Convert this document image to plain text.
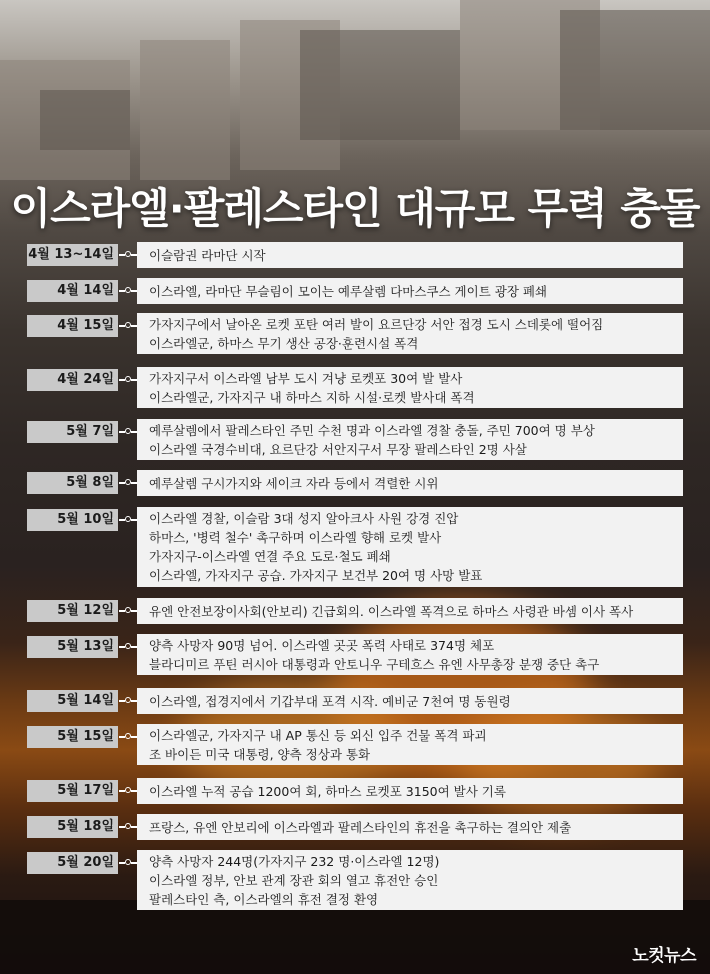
이스라엘·팔레스타인 대규모 무력 충돌
4월 13~14일	이슬람권 라마단 시작
4월 14일	이스라엘, 라마단 무슬림이 모이는 예루살렘 다마스쿠스 게이트 광장 폐쇄
4월 15일	가자지구에서 날아온 로켓 포탄 여러 발이 요르단강 서안 접경 도시 스데롯에 떨어짐
이스라엘군, 하마스 무기 생산 공장·훈련시설 폭격
4월 24일	가자지구서 이스라엘 남부 도시 겨냥 로켓포 30여 발 발사
이스라엘군, 가자지구 내 하마스 지하 시설·로켓 발사대 폭격
5월 7일	예루살렘에서 팔레스타인 주민 수천 명과 이스라엘 경찰 충돌, 주민 700여 명 부상
이스라엘 국경수비대, 요르단강 서안지구서 무장 팔레스타인 2명 사살
5월 8일	예루살렘 구시가지와 세이크 자라 등에서 격렬한 시위
5월 10일	이스라엘 경찰, 이슬람 3대 성지 알아크사 사원 강경 진압
하마스, '병력 철수' 촉구하며 이스라엘 향해 로켓 발사
가자지구-이스라엘 연결 주요 도로·철도 폐쇄
이스라엘, 가자지구 공습. 가자지구 보건부 20여 명 사망 발표
5월 12일	유엔 안전보장이사회(안보리) 긴급회의. 이스라엘 폭격으로 하마스 사령관 바셈 이사 폭사
5월 13일	양측 사망자 90명 넘어. 이스라엘 곳곳 폭력 사태로 374명 체포
블라디미르 푸틴 러시아 대통령과 안토니우 구테흐스 유엔 사무총장 분쟁 중단 촉구
5월 14일	이스라엘, 접경지에서 기갑부대 포격 시작. 예비군 7천여 명 동원령
5월 15일	이스라엘군, 가자지구 내 AP 통신 등 외신 입주 건물 폭격 파괴
조 바이든 미국 대통령, 양측 정상과 통화
5월 17일	이스라엘 누적 공습 1200여 회, 하마스 로켓포 3150여 발사 기록
5월 18일	프랑스, 유엔 안보리에 이스라엘과 팔레스타인의 휴전을 촉구하는 결의안 제출
5월 20일	양측 사망자 244명(가자지구 232 명·이스라엘 12명)
이스라엘 정부, 안보 관계 장관 회의 열고 휴전안 승인
팔레스타인 측, 이스라엘의 휴전 결정 환영
노컷뉴스
